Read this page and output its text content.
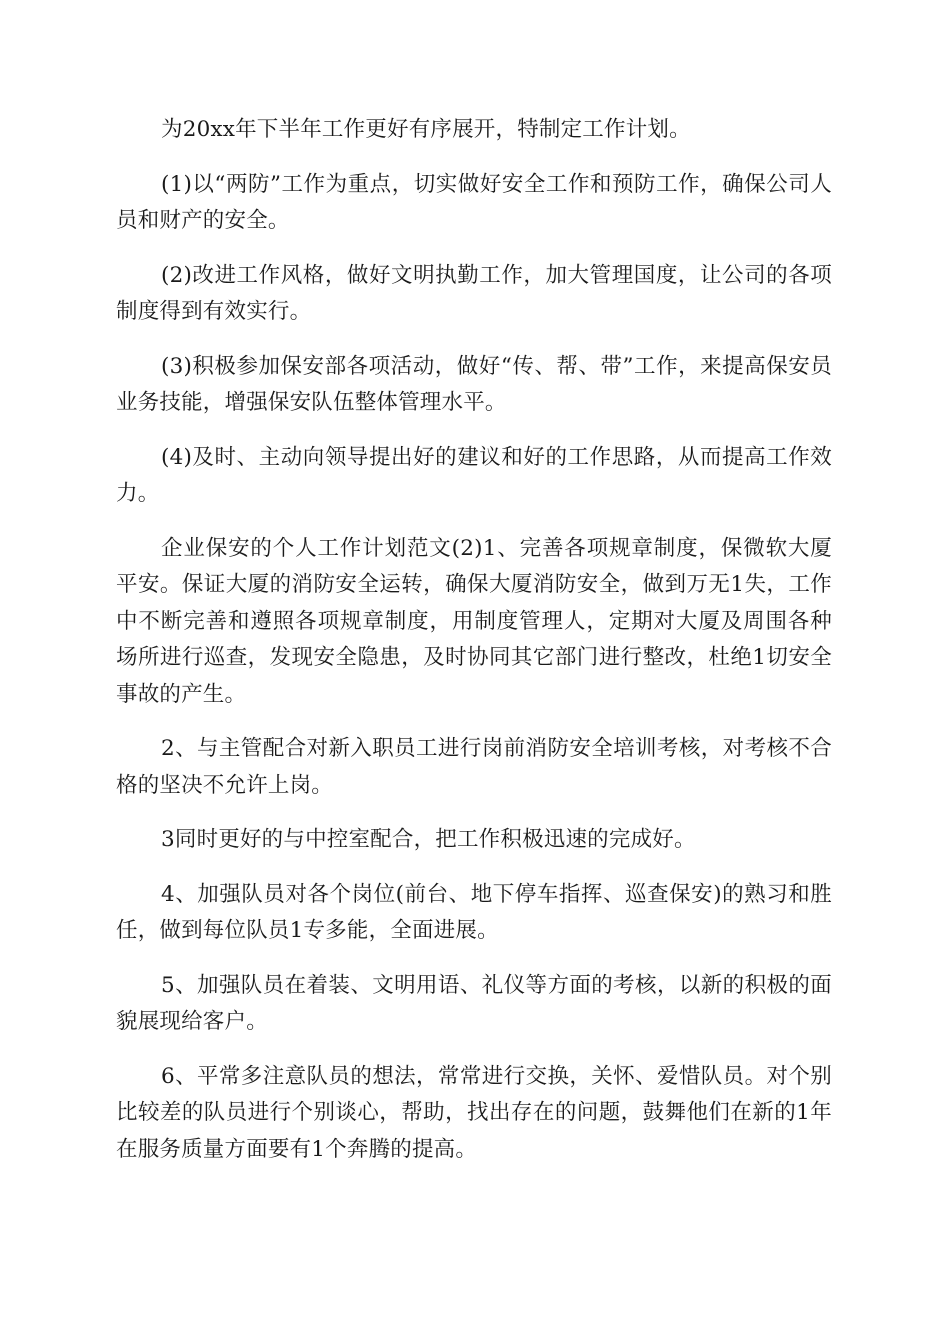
为20xx年下半年工作更好有序展开，特制定工作计划。

(1)以“两防”工作为重点，切实做好安全工作和预防工作，确保公司人员和财产的安全。

(2)改进工作风格，做好文明执勤工作，加大管理国度，让公司的各项制度得到有效实行。

(3)积极参加保安部各项活动，做好“传、帮、带”工作，来提高保安员业务技能，增强保安队伍整体管理水平。

(4)及时、主动向领导提出好的建议和好的工作思路，从而提高工作效力。

企业保安的个人工作计划范文(2)1、完善各项规章制度，保微软大厦平安。保证大厦的消防安全运转，确保大厦消防安全，做到万无1失，工作中不断完善和遵照各项规章制度，用制度管理人，定期对大厦及周围各种场所进行巡查，发现安全隐患，及时协同其它部门进行整改，杜绝1切安全事故的产生。

2、与主管配合对新入职员工进行岗前消防安全培训考核，对考核不合格的坚决不允许上岗。

3同时更好的与中控室配合，把工作积极迅速的完成好。

4、加强队员对各个岗位(前台、地下停车指挥、巡查保安)的熟习和胜任，做到每位队员1专多能，全面进展。

5、加强队员在着装、文明用语、礼仪等方面的考核，以新的积极的面貌展现给客户。

6、平常多注意队员的想法，常常进行交换，关怀、爱惜队员。对个别比较差的队员进行个别谈心，帮助，找出存在的问题，鼓舞他们在新的1年在服务质量方面要有1个奔腾的提高。
